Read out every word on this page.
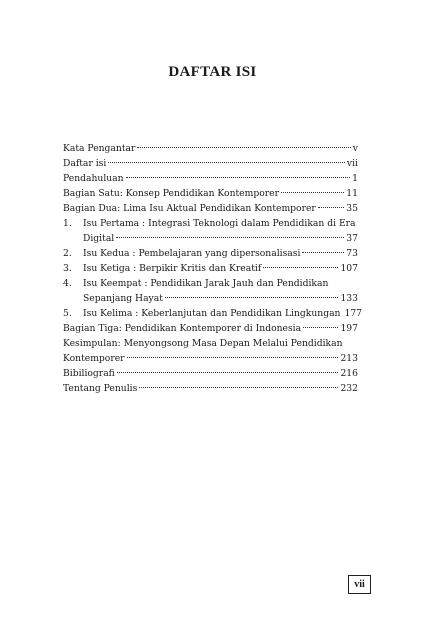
DAFTAR ISI
Kata Pengantar	v
Daftar isi	vii
Pendahuluan	1
Bagian Satu: Konsep Pendidikan Kontemporer	11
Bagian Dua: Lima Isu Aktual Pendidikan Kontemporer	35
1.	Isu Pertama : Integrasi Teknologi dalam Pendidikan di Era
Digital	37
2.	Isu Kedua : Pembelajaran yang dipersonalisasi	73
3.	Isu Ketiga : Berpikir Kritis dan Kreatif	107
4.	Isu Keempat : Pendidikan Jarak Jauh dan Pendidikan
Sepanjang Hayat	133
5.	Isu Kelima : Keberlanjutan dan Pendidikan Lingkungan 177
Bagian Tiga: Pendidikan Kontemporer di Indonesia	197
Kesimpulan: Menyongsong Masa Depan Melalui Pendidikan
Kontemporer	213
Bibiliografi	216
Tentang Penulis	232
vii
